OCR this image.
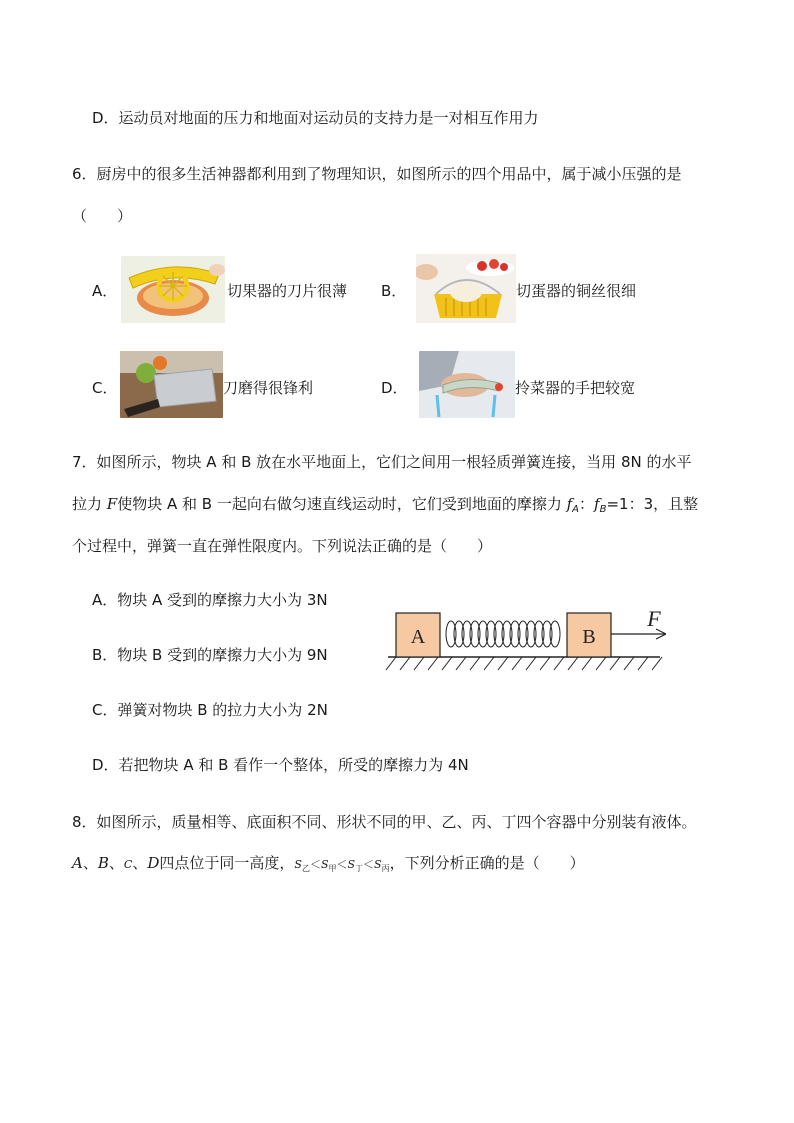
D．运动员对地面的压力和地面对运动员的支持力是一对相互作用力
6．厨房中的很多生活神器都利用到了物理知识，如图所示的四个用品中，属于减小压强的是
（　　）
A．	切果器的刀片很薄 B．	切蛋器的铜丝很细
C．	刀磨得很锋利	D．	拎菜器的手把较宽
7．如图所示，物块 A 和 B 放在水平地面上，它们之间用一根轻质弹簧连接，当用 8N 的水平
拉力 F使物块 A 和 B 一起向右做匀速直线运动时，它们受到地面的摩擦力 $f_A$：$f_B=1$：3，且整
个过程中，弹簧一直在弹性限度内。下列说法正确的是（　　）
A．物块 A 受到的摩擦力大小为 3N
B．物块 B 受到的摩擦力大小为 9N
C．弹簧对物块 B 的拉力大小为 2N
D．若把物块 A 和 B 看作一个整体，所受的摩擦力为 4N
A	B
F
8．如图所示，质量相等、底面积不同、形状不同的甲、乙、丙、丁四个容器中分别装有液体。
A、B、C、D四点位于同一高度，$S_乙<S_甲<S_丁<S_丙$，下列分析正确的是（　　）
